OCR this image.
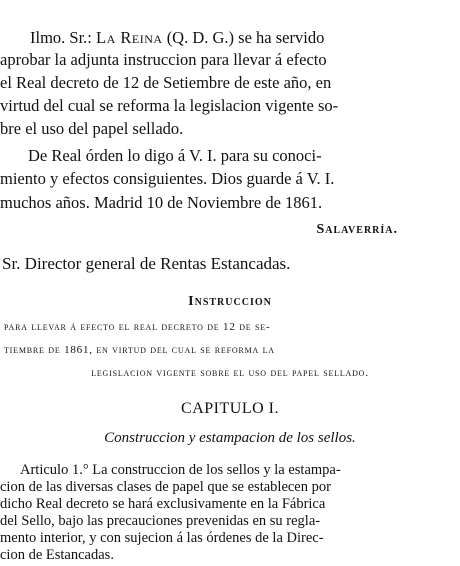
Ilmo. Sr.: La Reina (Q. D. G.) se ha servido
aprobar la adjunta instruccion para llevar á efecto
el Real decreto de 12 de Setiembre de este año, en
virtud del cual se reforma la legislacion vigente so-
bre el uso del papel sellado.
De Real órden lo digo á V. I. para su conoci-
miento y efectos consiguientes. Dios guarde á V. I.
muchos años. Madrid 10 de Noviembre de 1861.
Salaverría.
Sr. Director general de Rentas Estancadas.
Instruccion
para llevar á efecto el real decreto de 12 de se-
tiembre de 1861, en virtud del cual se reforma la
legislacion vigente sobre el uso del papel sellado.
CAPITULO I.
Construccion y estampacion de los sellos.
Articulo 1.° La construccion de los sellos y la estampa-
cion de las diversas clases de papel que se establecen por
dicho Real decreto se hará exclusivamente en la Fábrica
del Sello, bajo las precauciones prevenidas en su regla-
mento interior, y con sujecion á las órdenes de la Direc-
cion de Estancadas.
